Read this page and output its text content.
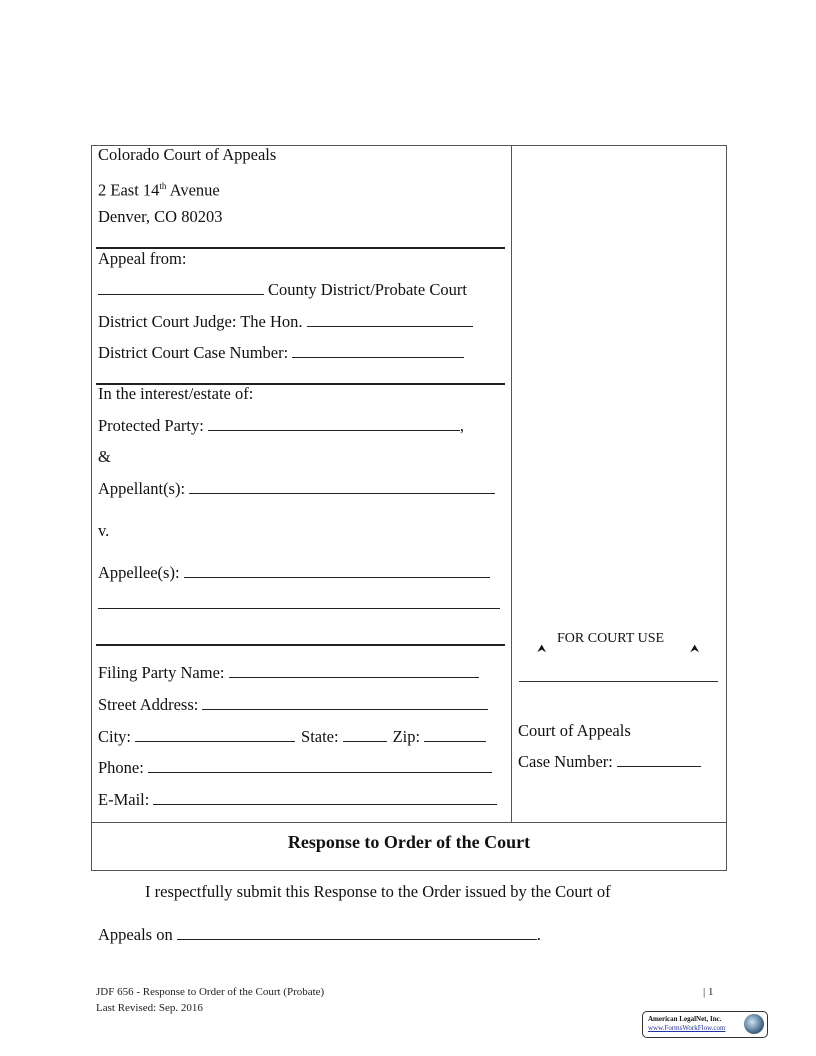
Colorado Court of Appeals
2 East 14th Avenue
Denver, CO 80203
Appeal from:
County District/Probate Court
District Court Judge: The Hon.
District Court Case Number:
In the interest/estate of:
Protected Party:	,
&
Appellant(s):
v.
Appellee(s):
Filing Party Name:
Street Address:
City:	State:	Zip:
Phone:
E-Mail:
⮝
FOR COURT USE
⮝
Court of Appeals
Case Number:
Response to Order of the Court
I respectfully submit this Response to the Order issued by the Court of
Appeals on	.
JDF 656 - Response to Order of the Court (Probate)
Last Revised: Sep. 2016
| 1
American LegalNet, Inc.
www.FormsWorkFlow.com
